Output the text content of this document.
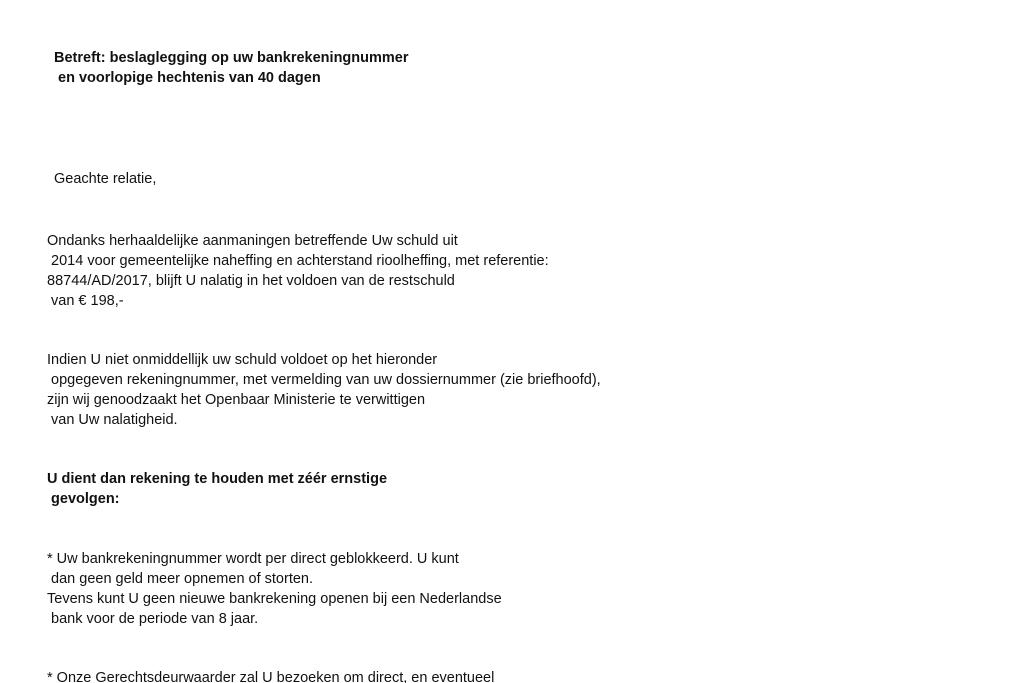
Betreft: beslaglegging op uw bankrekeningnummer
en voorlopige hechtenis van 40 dagen
Geachte relatie,
Ondanks herhaaldelijke aanmaningen betreffende Uw schuld uit
2014 voor gemeentelijke naheffing en achterstand rioolheffing, met referentie:
88744/AD/2017, blijft U nalatig in het voldoen van de restschuld
van € 198,-
Indien U niet onmiddellijk uw schuld voldoet op het hieronder
opgegeven rekeningnummer, met vermelding van uw dossiernummer (zie briefhoofd),
zijn wij genoodzaakt het Openbaar Ministerie te verwittigen
van Uw nalatigheid.
U dient dan rekening te houden met zéér ernstige
gevolgen:
* Uw bankrekeningnummer wordt per direct geblokkeerd. U kunt
dan geen geld meer opnemen of storten.
Tevens kunt U geen nieuwe bankrekening openen bij een Nederlandse
bank voor de periode van 8 jaar.
* Onze Gerechtsdeurwaarder zal U bezoeken om direct, en eventueel
